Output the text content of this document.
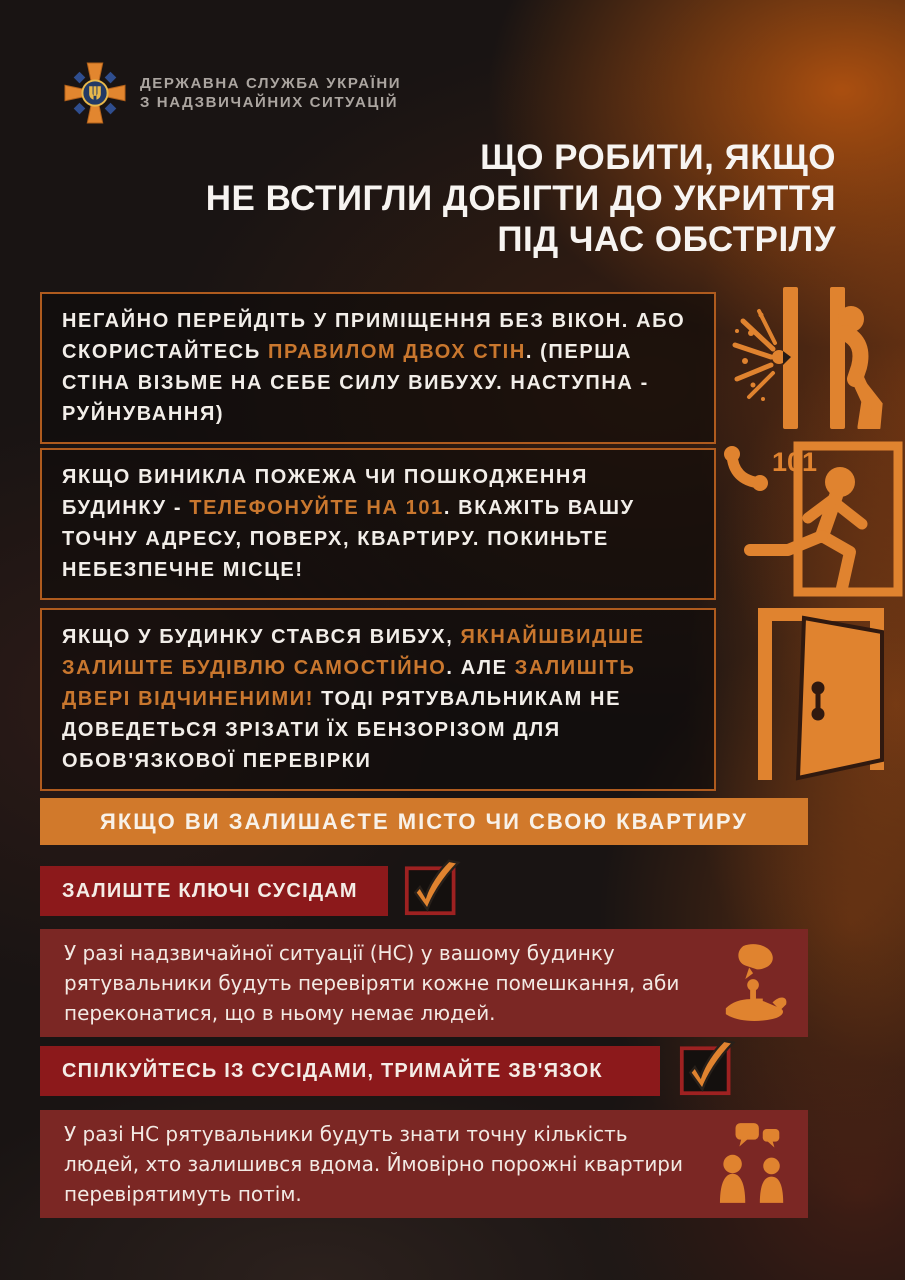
ДЕРЖАВНА СЛУЖБА УКРАЇНИ
З НАДЗВИЧАЙНИХ СИТУАЦІЙ
ЩО РОБИТИ, ЯКЩО
НЕ ВСТИГЛИ ДОБІГТИ ДО УКРИТТЯ
ПІД ЧАС ОБСТРІЛУ
НЕГАЙНО ПЕРЕЙДІТЬ У ПРИМІЩЕННЯ БЕЗ ВІКОН. АБО СКОРИСТАЙТЕСЬ ПРАВИЛОМ ДВОХ СТІН. (ПЕРША СТІНА ВІЗЬМЕ НА СЕБЕ СИЛУ ВИБУХУ. НАСТУПНА - РУЙНУВАННЯ)
ЯКЩО ВИНИКЛА ПОЖЕЖА ЧИ ПОШКОДЖЕННЯ БУДИНКУ - ТЕЛЕФОНУЙТЕ НА 101. ВКАЖІТЬ ВАШУ ТОЧНУ АДРЕСУ, ПОВЕРХ, КВАРТИРУ. ПОКИНЬТЕ НЕБЕЗПЕЧНЕ МІСЦЕ!
101
ЯКЩО У БУДИНКУ СТАВСЯ ВИБУХ, ЯКНАЙШВИДШЕ ЗАЛИШТЕ БУДІВЛЮ САМОСТІЙНО. АЛЕ ЗАЛИШІТЬ ДВЕРІ ВІДЧИНЕНИМИ! ТОДІ РЯТУВАЛЬНИКАМ НЕ ДОВЕДЕТЬСЯ ЗРІЗАТИ ЇХ БЕНЗОРІЗОМ ДЛЯ ОБОВ'ЯЗКОВОЇ ПЕРЕВІРКИ
ЯКЩО ВИ ЗАЛИШАЄТЕ МІСТО ЧИ СВОЮ КВАРТИРУ
ЗАЛИШТЕ КЛЮЧІ СУСІДАМ
У разі надзвичайної ситуації (НС) у вашому будинку рятувальники будуть перевіряти кожне помешкання, аби переконатися, що в ньому немає людей.
СПІЛКУЙТЕСЬ ІЗ СУСІДАМИ, ТРИМАЙТЕ ЗВ'ЯЗОК
У разі НС рятувальники будуть знати точну кількість людей, хто залишився вдома. Ймовірно порожні квартири перевірятимуть потім.
